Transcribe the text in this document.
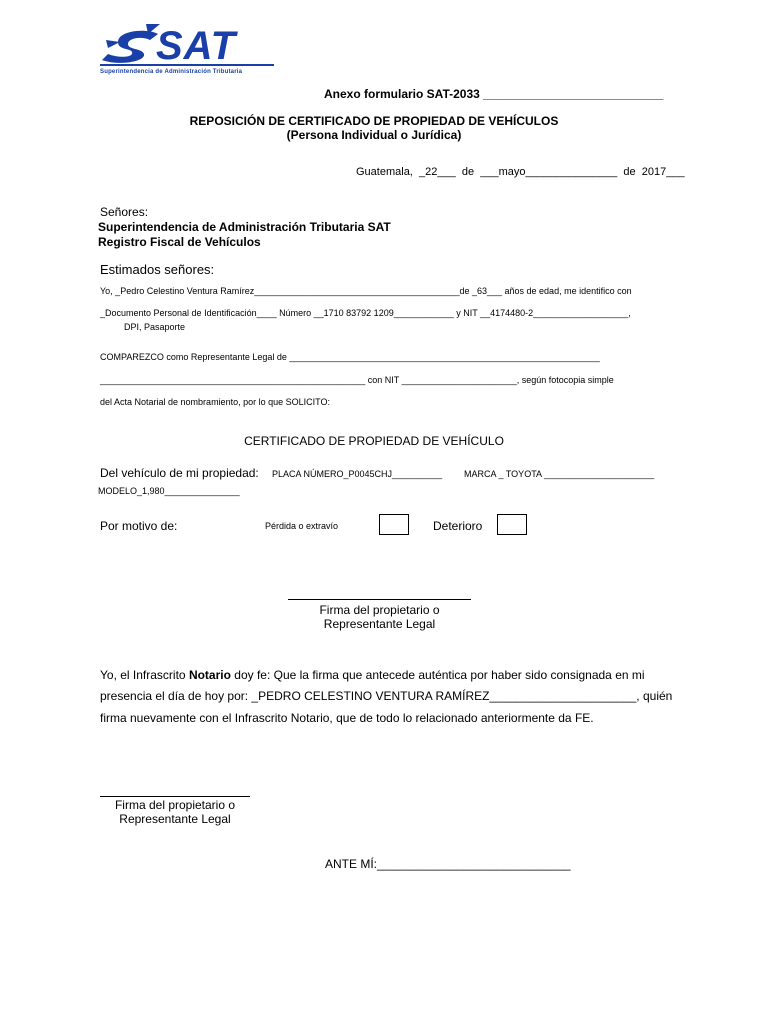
SAT
Superintendencia de Administración Tributaria
Anexo formulario SAT-2033 ___________________________
REPOSICIÓN DE CERTIFICADO DE PROPIEDAD DE VEHÍCULOS
(Persona Individual o Jurídica)
Guatemala, _22___ de ___mayo_______________ de 2017___
Señores:
Superintendencia de Administración Tributaria SAT
Registro Fiscal de Vehículos
Estimados señores:
Yo, _Pedro Celestino Ventura Ramírez_________________________________________de _63___ años de edad, me identifico con
_Documento Personal de Identificación____ Número __1710 83792 1209____________ y NIT __4174480-2___________________,
DPI, Pasaporte
COMPAREZCO como Representante Legal de ______________________________________________________________
_____________________________________________________ con NIT _______________________, según fotocopia simple
del Acta Notarial de nombramiento, por lo que SOLICITO:
CERTIFICADO DE PROPIEDAD DE VEHÍCULO
Del vehículo de mi propiedad: PLACA NÚMERO_P0045CHJ__________ MARCA _ TOYOTA ______________________
MODELO_1,980_______________
Por motivo de:	Pérdida o extravío	Deterioro
Firma del propietario o
Representante Legal
Yo, el Infrascrito Notario doy fe: Que la firma que antecede auténtica por haber sido consignada en mi
presencia el día de hoy por: _PEDRO CELESTINO VENTURA RAMÍREZ______________________, quién
firma nuevamente con el Infrascrito Notario, que de todo lo relacionado anteriormente da FE.
Firma del propietario o
Representante Legal
ANTE MÍ:_____________________________
